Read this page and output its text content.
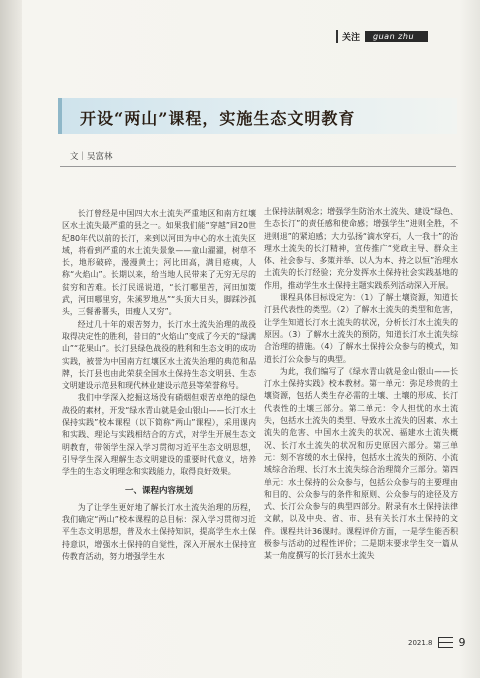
关注	guan zhu
开设“两山”课程，实施生态文明教育
文｜吴富林

长汀曾经是中国四大水土流失严重地区和南方红壤区水土流失最严重的县之一。如果我们能“穿越”回20世纪80年代以前的长汀，来到以河田为中心的水土流失区域，将看到严重的水土流失景象——童山濯濯，树草不长，地形破碎，漫漫黄土；河比田高，满目疮痍，人称“火焰山”。长期以来，给当地人民带来了无穷无尽的贫穷和苦难。长汀民谣说道，“长汀哪里苦，河田加策武，河田哪里穷，朱溪罗地丛”“头顶大日头，脚踩沙孤头，三餐番薯头，田瘦人又穷”。

经过几十年的艰苦努力，长汀水土流失治理的战役取得决定性的胜利，昔日的“火焰山”变成了今天的“绿满山”“花果山”。长汀县绿色战役的胜利和生态文明的成功实践，被誉为中国南方红壤区水土流失治理的典范和品牌，长汀县也由此荣获全国水土保持生态文明县、生态文明建设示范县和现代林业建设示范县等荣誉称号。

我们中学深入挖掘这场没有硝烟但艰苦卓绝的绿色战役的素材，开发“绿水青山就是金山银山——长汀水土保持实践”校本课程（以下简称“两山”课程），采用课内和实践、理论与实践相结合的方式，对学生开展生态文明教育，带领学生深入学习贯彻习近平生态文明思想，引导学生深入理解生态文明建设的重要时代意义，培养学生的生态文明理念和实践能力，取得良好效果。

一、课程内容规划

为了让学生更好地了解长汀水土流失治理的历程，我们确定“两山”校本课程的总目标：深入学习贯彻习近平生态文明思想，普及水土保持知识，提高学生水土保持意识，增强水土保持的自觉性，深入开展水土保持宣传教育活动，努力增强学生水

土保持法制观念；增强学生防治水土流失、建设“绿色、生态长汀”的责任感和使命感；增强学生“进则全胜，不进则退”的紧迫感；大力弘扬“滴水穿石，人一我十”的治理水土流失的长汀精神，宣传推广“党政主导、群众主体、社会参与、多策并举、以人为本、持之以恒”治理水土流失的长汀经验；充分发挥水土保持社会实践基地的作用，推动学生水土保持主题实践系列活动深入开展。

课程具体目标设定为：（1）了解土壤资源，知道长汀县代表性的类型。（2）了解水土流失的类型和危害，让学生知道长汀水土流失的状况，分析长汀水土流失的原因。（3）了解水土流失的预防，知道长汀水土流失综合治理的措施。（4）了解水土保持公众参与的模式，知道长汀公众参与的典型。

为此，我们编写了《绿水青山就是金山银山——长汀水土保持实践》校本教材。第一单元：弥足珍贵的土壤资源，包括人类生存必需的土壤、土壤的形成、长汀代表性的土壤三部分。第二单元：令人担忧的水土流失，包括水土流失的类型、导致水土流失的因素、水土流失的危害、中国水土流失的状况、福建水土流失概况、长汀水土流失的状况和历史原因六部分。第三单元：刻不容缓的水土保持，包括水土流失的预防、小流域综合治理、长汀水土流失综合治理简介三部分。第四单元：水土保持的公众参与，包括公众参与的主要理由和目的、公众参与的条件和原则、公众参与的途径及方式、长汀公众参与的典型四部分。附录有水土保持法律文献，以及中央、省、市、县有关长汀水土保持的文件。课程共计36课时。课程评价方面，一是学生能否积极参与活动的过程性评价；二是期末要求学生交一篇从某一角度撰写的长汀县水土流失

2021.8 9
